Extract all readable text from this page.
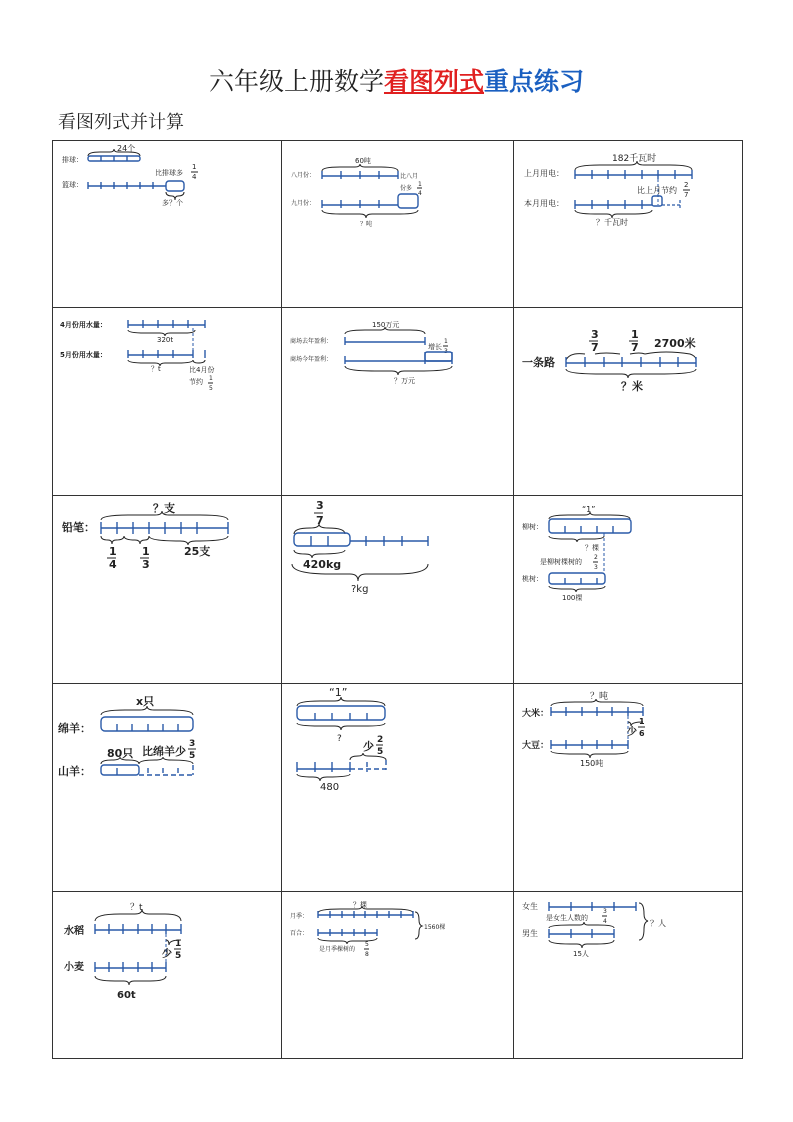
六年级上册数学看图列式重点练习
看图列式并计算
24个
排球：
比排球多
1
4
篮球：
多？个
60吨
八月份：	比八月
份多
1
4
九月份：
？吨
182千瓦时
上月用电：
比上月节约
2
7
本月用电：
？千瓦时
4月份用水量：
320t
5月份用水量：
？t	比4月份
节约 1
5
150万元
商场去年盈利：
增长
1
3
商场今年盈利：
？万元
3
7
1
7 2700米
一条路
？米
？支
铅笔：
1
4
1
3
25支
3
7
420kg
?kg
“1”
柳树：
？棵
是柳树棵树的
2
3
桃树：
100棵
x只
绵羊：
80只 比绵羊少
3
5
山羊：
“1”
?
少 2
5
480
？吨
大米：
少
1
6
大豆：
150吨
？t
水稻
少
1
5
小麦
60t
？棵
月季：
百合：
是月季棵树的
5
8
1560棵
女生
是女生人数的
3
4
男生
15人
？人
